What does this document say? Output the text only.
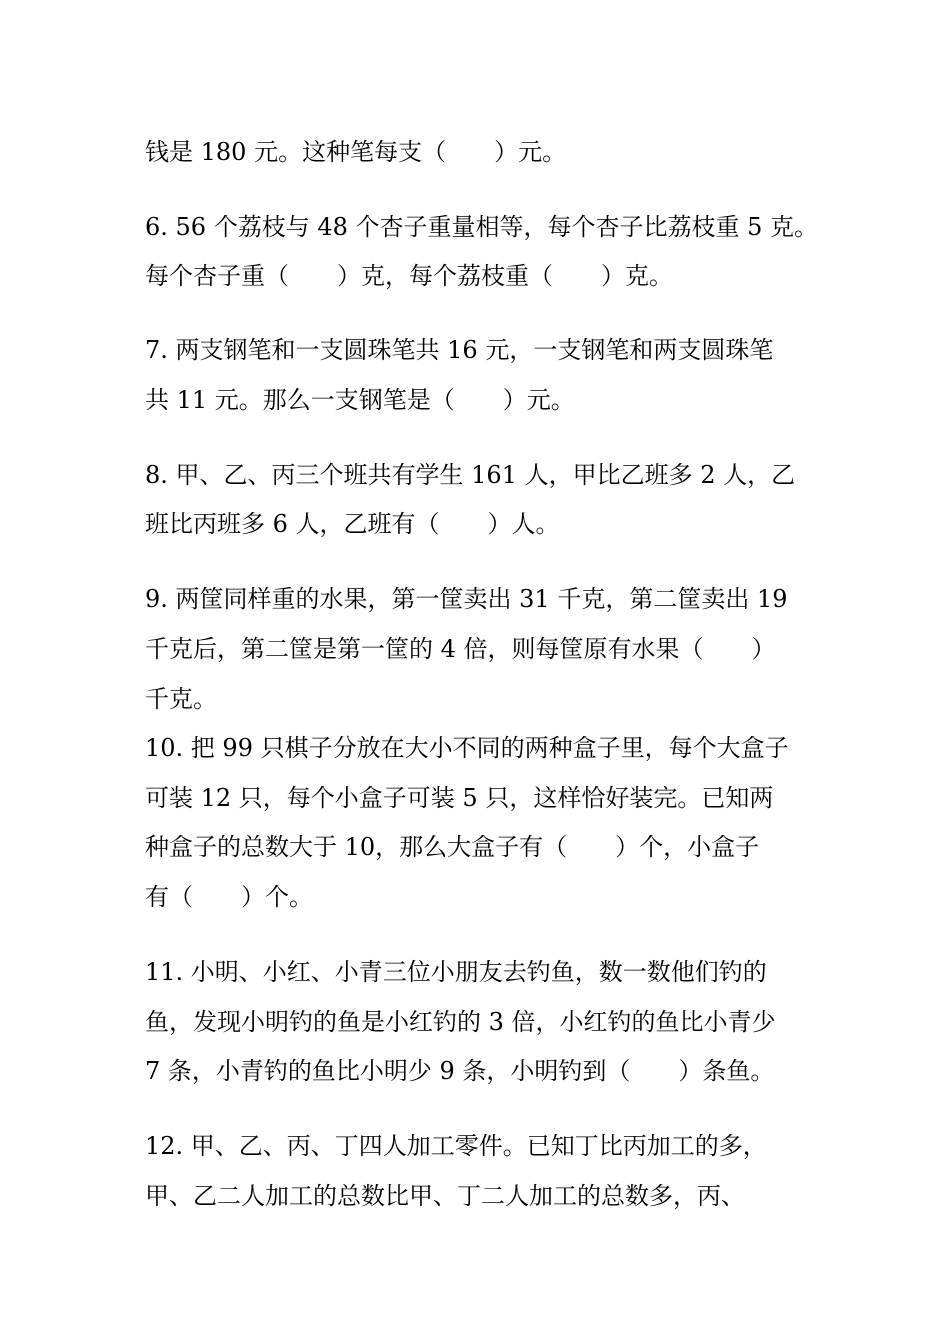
钱是 180 元。这种笔每支（　　）元。
6. 56 个荔枝与 48 个杏子重量相等，每个杏子比荔枝重 5 克。
每个杏子重（　　）克，每个荔枝重（　　）克。
7. 两支钢笔和一支圆珠笔共 16 元，一支钢笔和两支圆珠笔
共 11 元。那么一支钢笔是（　　）元。
8. 甲、乙、丙三个班共有学生 161 人，甲比乙班多 2 人，乙
班比丙班多 6 人，乙班有（　　）人。
9. 两筐同样重的水果，第一筐卖出 31 千克，第二筐卖出 19
千克后，第二筐是第一筐的 4 倍，则每筐原有水果（　　）
千克。
10. 把 99 只棋子分放在大小不同的两种盒子里，每个大盒子
可装 12 只，每个小盒子可装 5 只，这样恰好装完。已知两
种盒子的总数大于 10，那么大盒子有（　　）个，小盒子
有（　　）个。
11. 小明、小红、小青三位小朋友去钓鱼，数一数他们钓的
鱼，发现小明钓的鱼是小红钓的 3 倍，小红钓的鱼比小青少
7 条，小青钓的鱼比小明少 9 条，小明钓到（　　）条鱼。
12. 甲、乙、丙、丁四人加工零件。已知丁比丙加工的多，
甲、乙二人加工的总数比甲、丁二人加工的总数多，丙、
